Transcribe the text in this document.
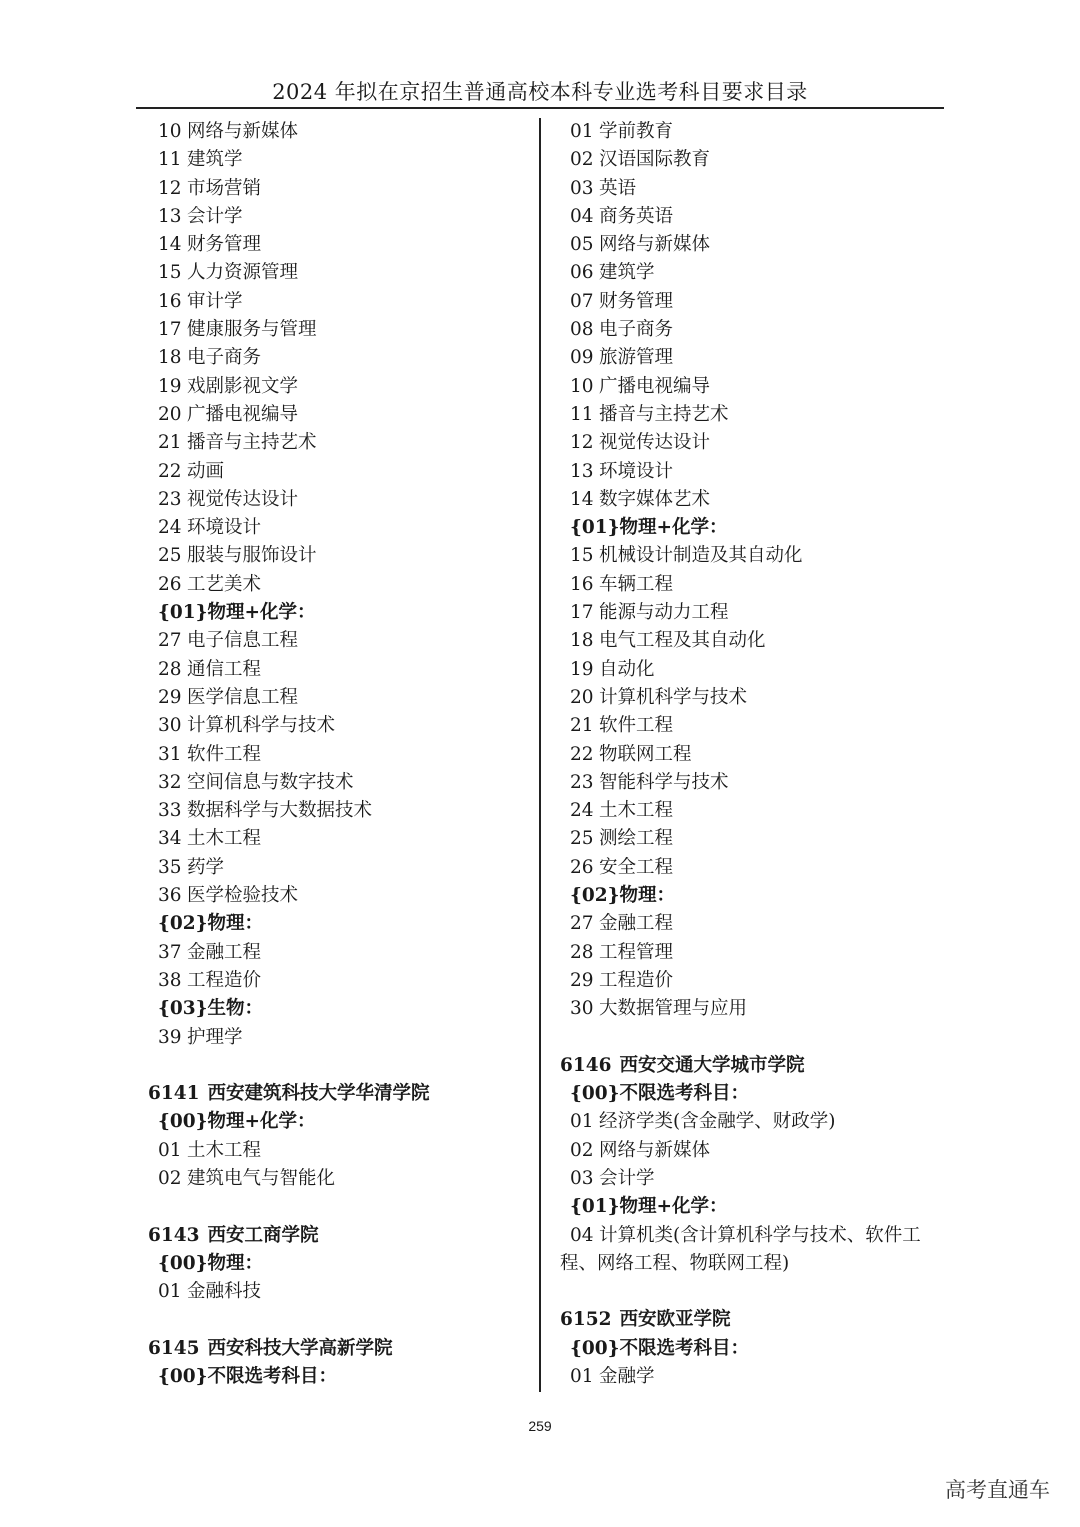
2024 年拟在京招生普通高校本科专业选考科目要求目录
10 网络与新媒体
11 建筑学
12 市场营销
13 会计学
14 财务管理
15 人力资源管理
16 审计学
17 健康服务与管理
18 电子商务
19 戏剧影视文学
20 广播电视编导
21 播音与主持艺术
22 动画
23 视觉传达设计
24 环境设计
25 服装与服饰设计
26 工艺美术
{01}物理+化学：
27 电子信息工程
28 通信工程
29 医学信息工程
30 计算机科学与技术
31 软件工程
32 空间信息与数字技术
33 数据科学与大数据技术
34 土木工程
35 药学
36 医学检验技术
{02}物理：
37 金融工程
38 工程造价
{03}生物：
39 护理学
6141 西安建筑科技大学华清学院
{00}物理+化学：
01 土木工程
02 建筑电气与智能化
6143 西安工商学院
{00}物理：
01 金融科技
6145 西安科技大学高新学院
{00}不限选考科目：
01 学前教育
02 汉语国际教育
03 英语
04 商务英语
05 网络与新媒体
06 建筑学
07 财务管理
08 电子商务
09 旅游管理
10 广播电视编导
11 播音与主持艺术
12 视觉传达设计
13 环境设计
14 数字媒体艺术
{01}物理+化学：
15 机械设计制造及其自动化
16 车辆工程
17 能源与动力工程
18 电气工程及其自动化
19 自动化
20 计算机科学与技术
21 软件工程
22 物联网工程
23 智能科学与技术
24 土木工程
25 测绘工程
26 安全工程
{02}物理：
27 金融工程
28 工程管理
29 工程造价
30 大数据管理与应用
6146 西安交通大学城市学院
{00}不限选考科目：
01 经济学类(含金融学、财政学)
02 网络与新媒体
03 会计学
{01}物理+化学：
04 计算机类(含计算机科学与技术、软件工
程、网络工程、物联网工程)
6152 西安欧亚学院
{00}不限选考科目：
01 金融学
259
高考直通车
